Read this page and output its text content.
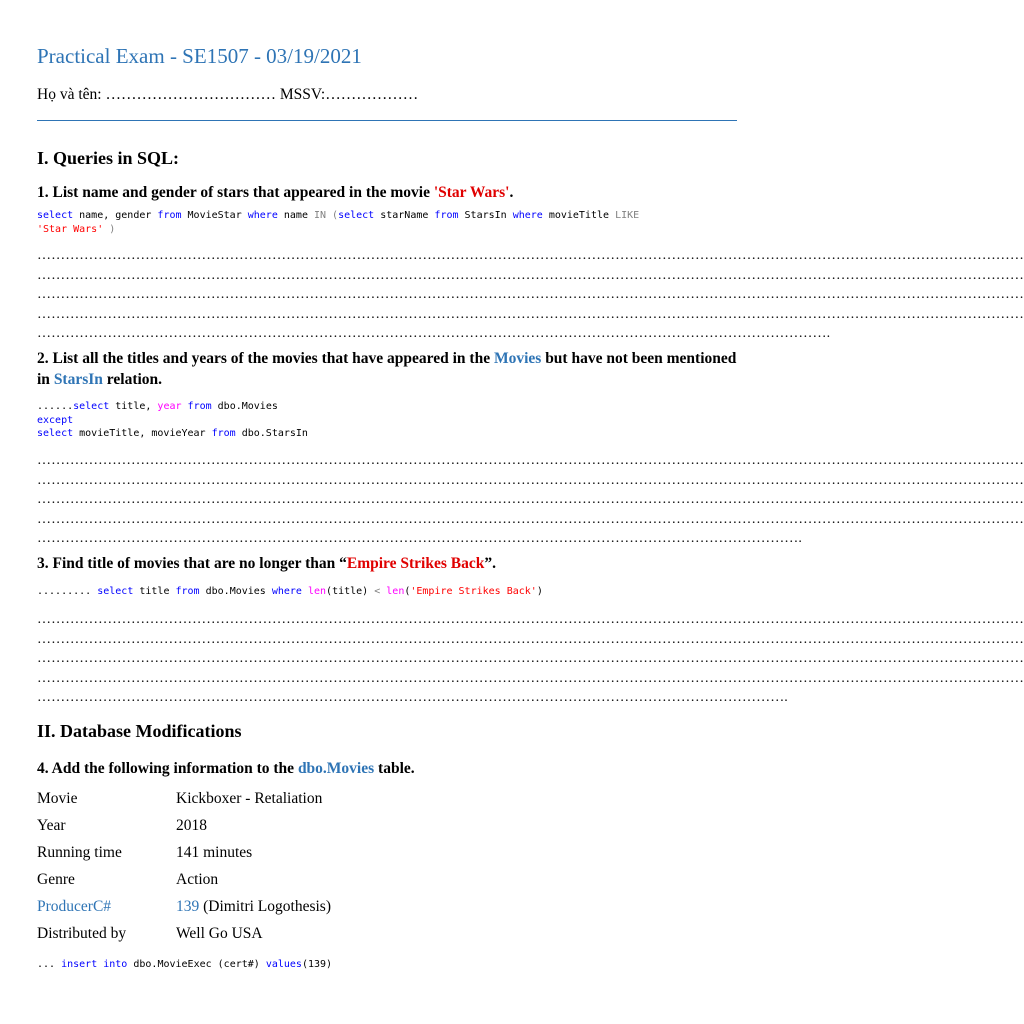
Practical Exam - SE1507 - 03/19/2021
Họ và tên: …………………………… MSSV:………………
I. Queries in SQL:
1. List name and gender of stars that appeared in the movie 'Star Wars'.
select name, gender from MovieStar where name IN (select starName from StarsIn where movieTitle LIKE
'Star Wars' )
…………………………………………………………………………………………………………………………………………………………………………………………
…………………………………………………………………………………………………………………………………………………………………………………………
…………………………………………………………………………………………………………………………………………………………………………………………
…………………………………………………………………………………………………………………………………………………………………………………………
…………………………………………………………………………………………………………………………………………………….
2. List all the titles and years of the movies that have appeared in the Movies but have not been mentioned in StarsIn relation.
......select title, year from dbo.Movies
except
select movieTitle, movieYear from dbo.StarsIn
…………………………………………………………………………………………………………………………………………………………………………………………
…………………………………………………………………………………………………………………………………………………………………………………………
…………………………………………………………………………………………………………………………………………………………………………………………
…………………………………………………………………………………………………………………………………………………………………………………………
……………………………………………………………………………………………………………………………………………….
3. Find title of movies that are no longer than “Empire Strikes Back”.
......... select title from dbo.Movies where len(title) < len('Empire Strikes Back')
…………………………………………………………………………………………………………………………………………………………………………………………
…………………………………………………………………………………………………………………………………………………………………………………………
…………………………………………………………………………………………………………………………………………………………………………………………
…………………………………………………………………………………………………………………………………………………………………………………………
…………………………………………………………………………………………………………………………………………….
II. Database Modifications
4. Add the following information to the dbo.Movies table.
Movie	Kickboxer - Retaliation
Year	2018
Running time	141 minutes
Genre	Action
ProducerC#	139 (Dimitri Logothesis)
Distributed by	Well Go USA
... insert into dbo.MovieExec (cert#) values(139)
